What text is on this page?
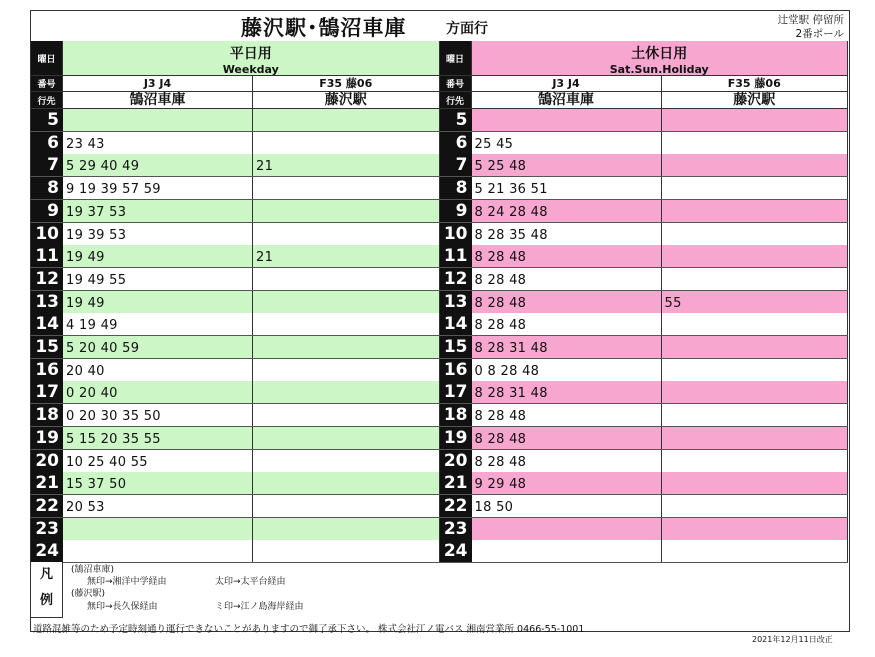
藤沢駅･鵠沼車庫	方面行
辻堂駅 停留所
2番ポール
曜日	平日用
Weekday
番号	J3 J4	F35 藤06
行先	鵠沼車庫	藤沢駅
5
6 23 43
7 5 29 40 49	21
8 9 19 39 57 59
9 19 37 53
10 19 39 53
11 19 49	21
12 19 49 55
13 19 49
14 4 19 49
15 5 20 40 59
16 20 40
17 0 20 40
18 0 20 30 35 50
19 5 15 20 35 55
20 10 25 40 55
21 15 37 50
22 20 53
23
24
曜日	土休日用
Sat.Sun.Holiday
番号	J3 J4	F35 藤06
行先	鵠沼車庫	藤沢駅
5
6 25 45
7 5 25 48
8 5 21 36 51
9 8 24 28 48
10 8 28 35 48
11 8 28 48
12 8 28 48
13 8 28 48	55
14 8 28 48
15 8 28 31 48
16 0 8 28 48
17 8 28 31 48
18 8 28 48
19 8 28 48
20 8 28 48
21 9 29 48
22 18 50
23
24
凡
例
(鵠沼車庫)
無印→湘洋中学経由	太印→太平台経由
(藤沢駅)
無印→長久保経由	ミ印→江ノ島海岸経由
道路混雑等のため予定時刻通り運行できないことがありますので御了承下さい。 株式会社江ノ電バス 湘南営業所 0466-55-1001
2021年12月11日改正
